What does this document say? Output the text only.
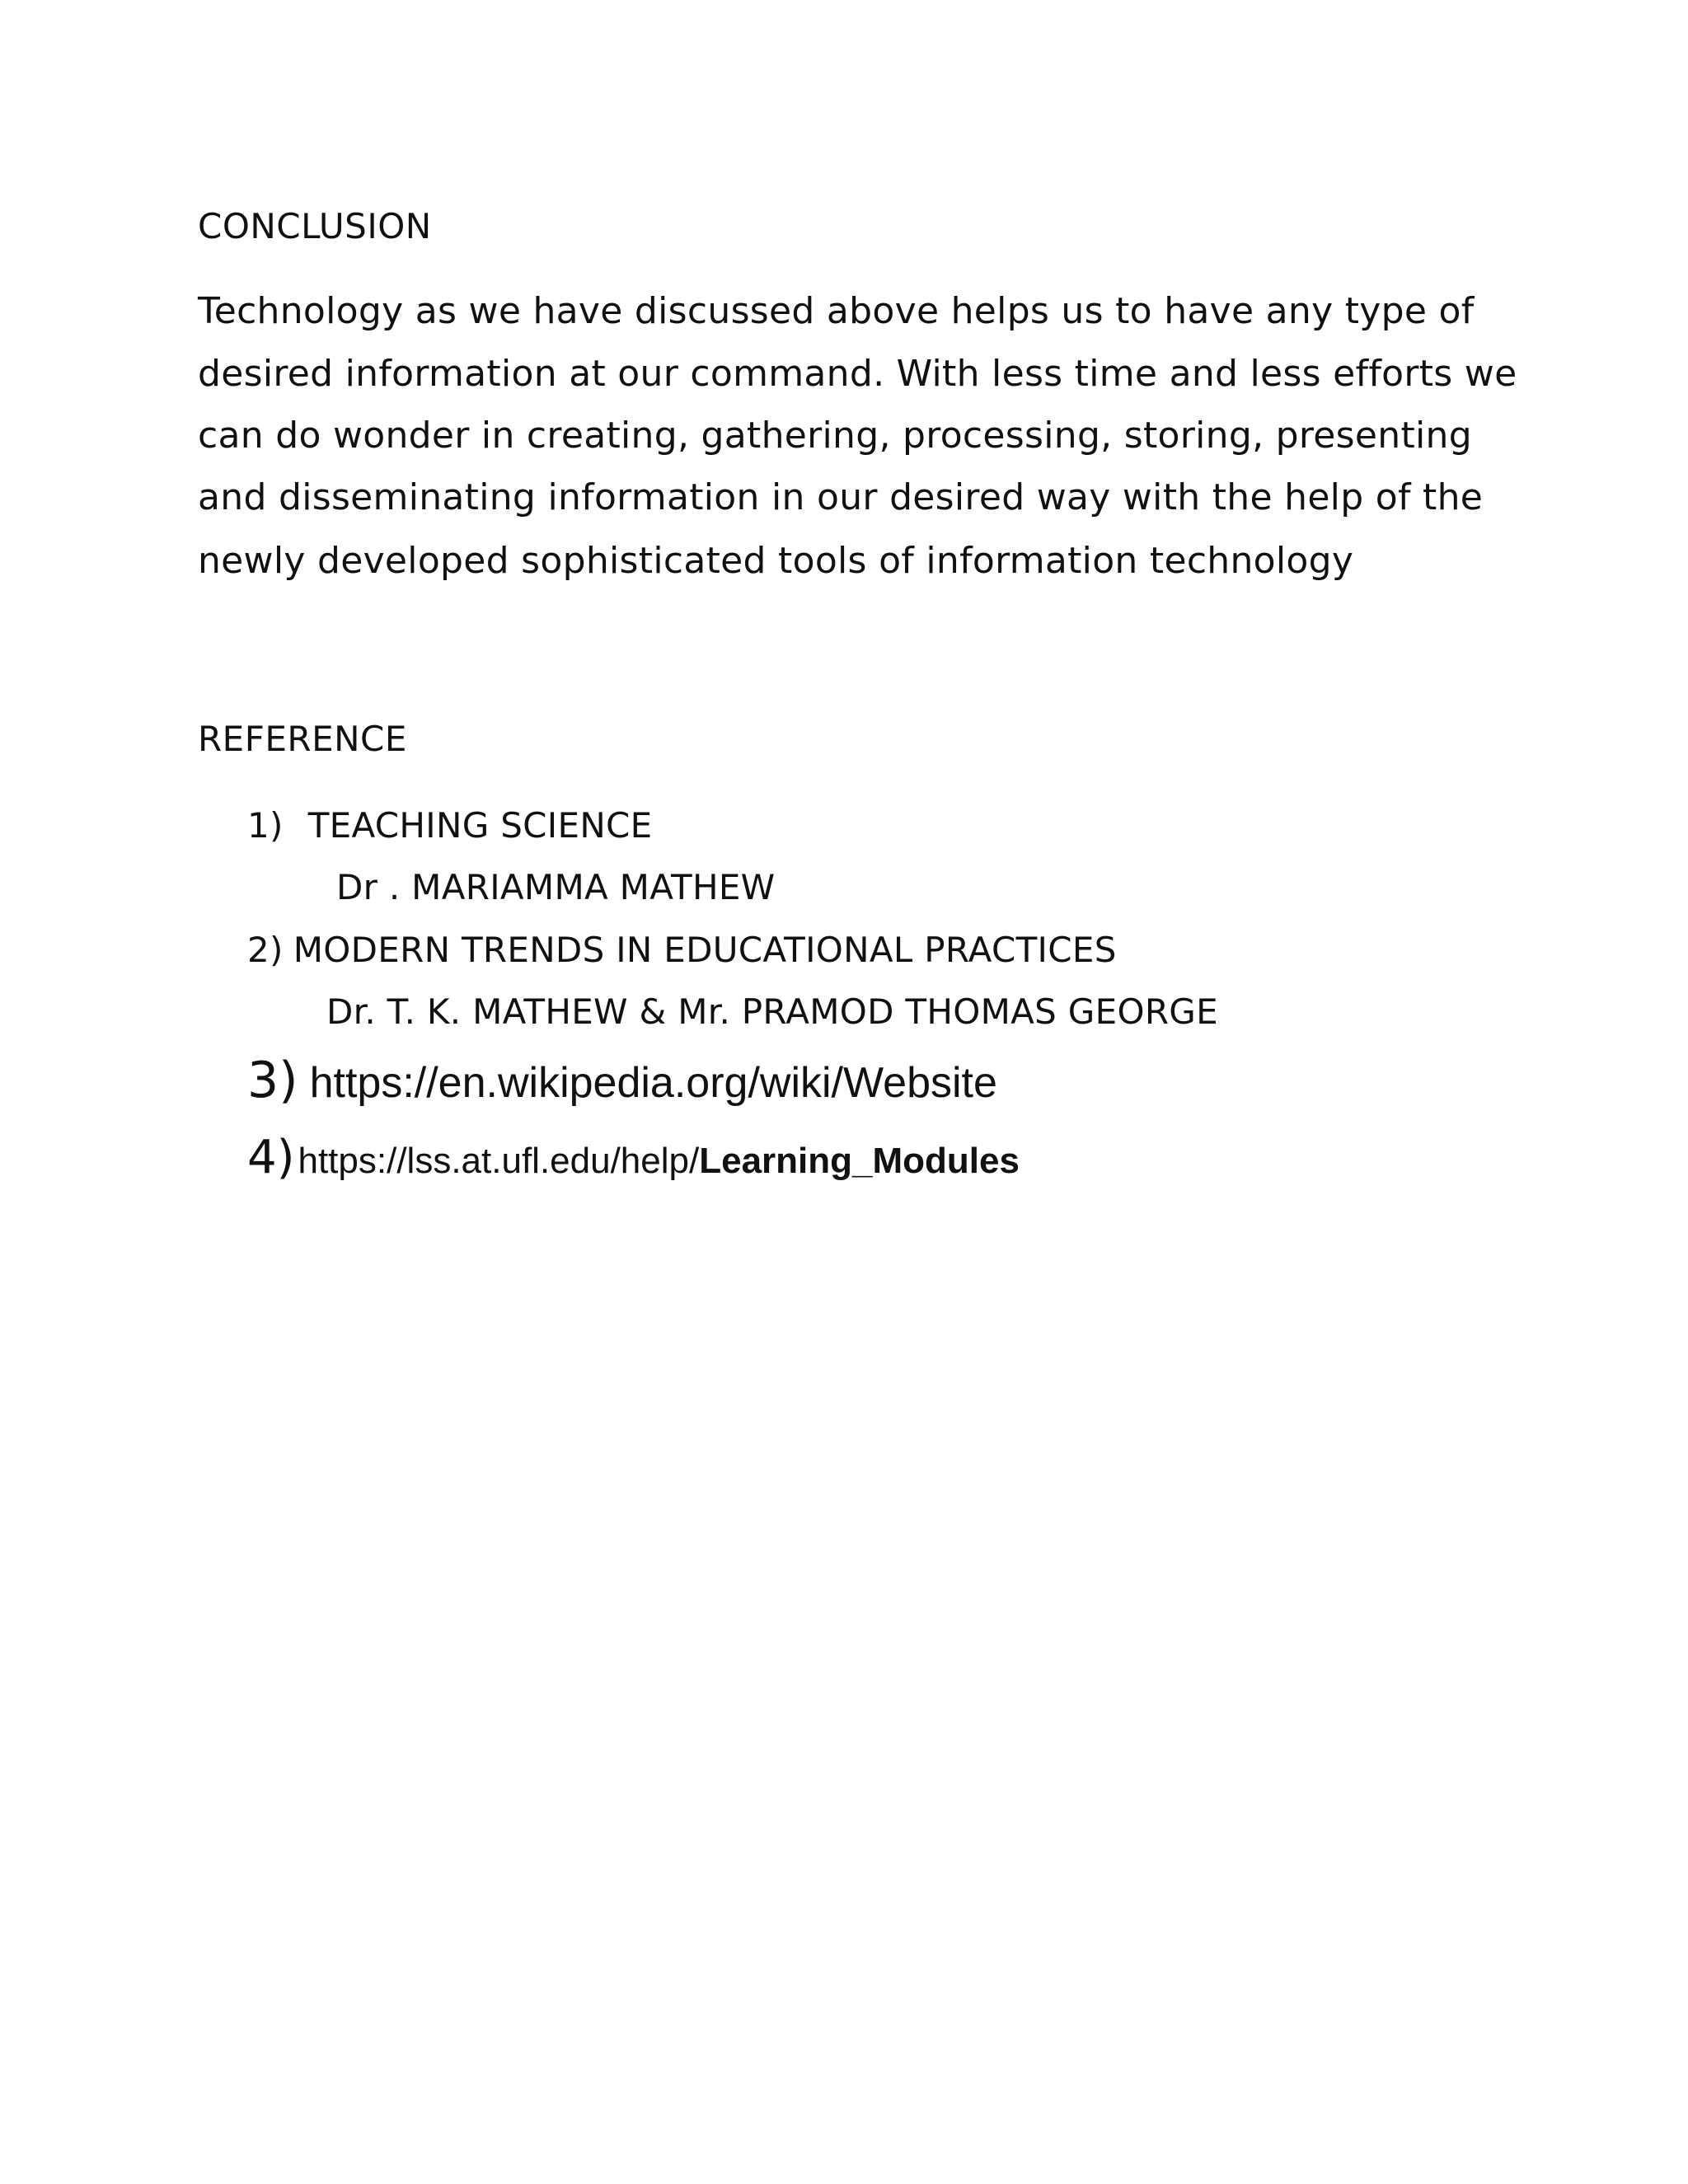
CONCLUSION
Technology as we have discussed above helps us to have any type of
desired information at our command. With less time and less efforts we
can do wonder in creating, gathering, processing, storing, presenting
and disseminating information in our desired way with the help of the
newly developed sophisticated tools of information technology
REFERENCE
1) TEACHING SCIENCE
Dr . MARIAMMA MATHEW
2) MODERN TRENDS IN EDUCATIONAL PRACTICES
Dr. T. K. MATHEW & Mr. PRAMOD THOMAS GEORGE
3) https://en.wikipedia.org/wiki/Website
4)https://lss.at.ufl.edu/help/Learning_Modules
